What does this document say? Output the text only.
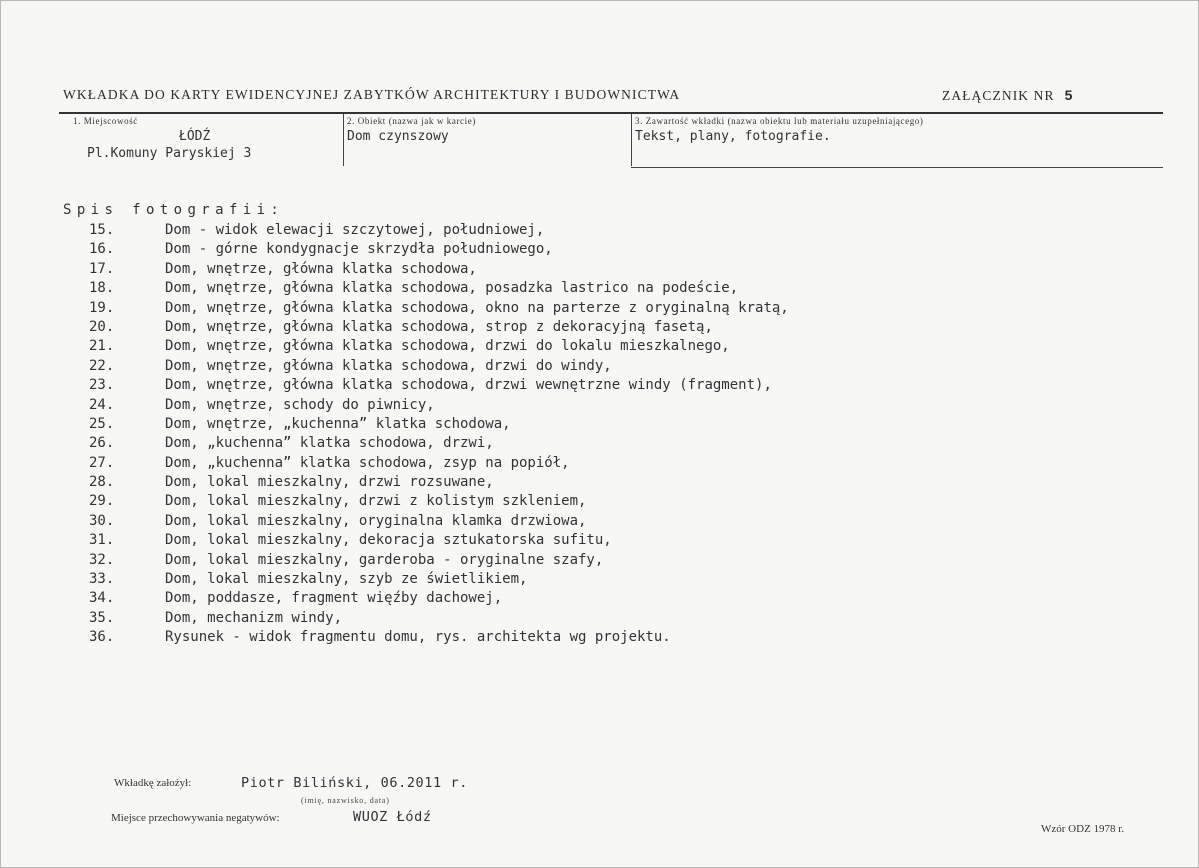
WKŁADKA DO KARTY EWIDENCYJNEJ ZABYTKÓW ARCHITEKTURY I BUDOWNICTWA	ZAŁĄCZNIK NR 5
1. Miejscowość
ŁÓDŹ
Pl.Komuny Paryskiej 3
2. Obiekt (nazwa jak w karcie)
Dom czynszowy
3. Zawartość wkładki (nazwa obiektu lub materiału uzupełniającego)
Tekst, plany, fotografie.
Spis fotografii:
15.	Dom - widok elewacji szczytowej, południowej,
16.	Dom - górne kondygnacje skrzydła południowego,
17.	Dom, wnętrze, główna klatka schodowa,
18.	Dom, wnętrze, główna klatka schodowa, posadzka lastrico na podeście,
19.	Dom, wnętrze, główna klatka schodowa, okno na parterze z oryginalną kratą,
20.	Dom, wnętrze, główna klatka schodowa, strop z dekoracyjną fasetą,
21.	Dom, wnętrze, główna klatka schodowa, drzwi do lokalu mieszkalnego,
22.	Dom, wnętrze, główna klatka schodowa, drzwi do windy,
23.	Dom, wnętrze, główna klatka schodowa, drzwi wewnętrzne windy (fragment),
24.	Dom, wnętrze, schody do piwnicy,
25.	Dom, wnętrze, „kuchenna” klatka schodowa,
26.	Dom, „kuchenna” klatka schodowa, drzwi,
27.	Dom, „kuchenna” klatka schodowa, zsyp na popiół,
28.	Dom, lokal mieszkalny, drzwi rozsuwane,
29.	Dom, lokal mieszkalny, drzwi z kolistym szkleniem,
30.	Dom, lokal mieszkalny, oryginalna klamka drzwiowa,
31.	Dom, lokal mieszkalny, dekoracja sztukatorska sufitu,
32.	Dom, lokal mieszkalny, garderoba - oryginalne szafy,
33.	Dom, lokal mieszkalny, szyb ze świetlikiem,
34.	Dom, poddasze, fragment więźby dachowej,
35.	Dom, mechanizm windy,
36.	Rysunek - widok fragmentu domu, rys. architekta wg projektu.
Wkładkę założył:	Piotr Biliński, 06.2011 r.
(imię, nazwisko, data)
Miejsce przechowywania negatywów:	WUOZ Łódź
Wzór ODZ 1978 r.
